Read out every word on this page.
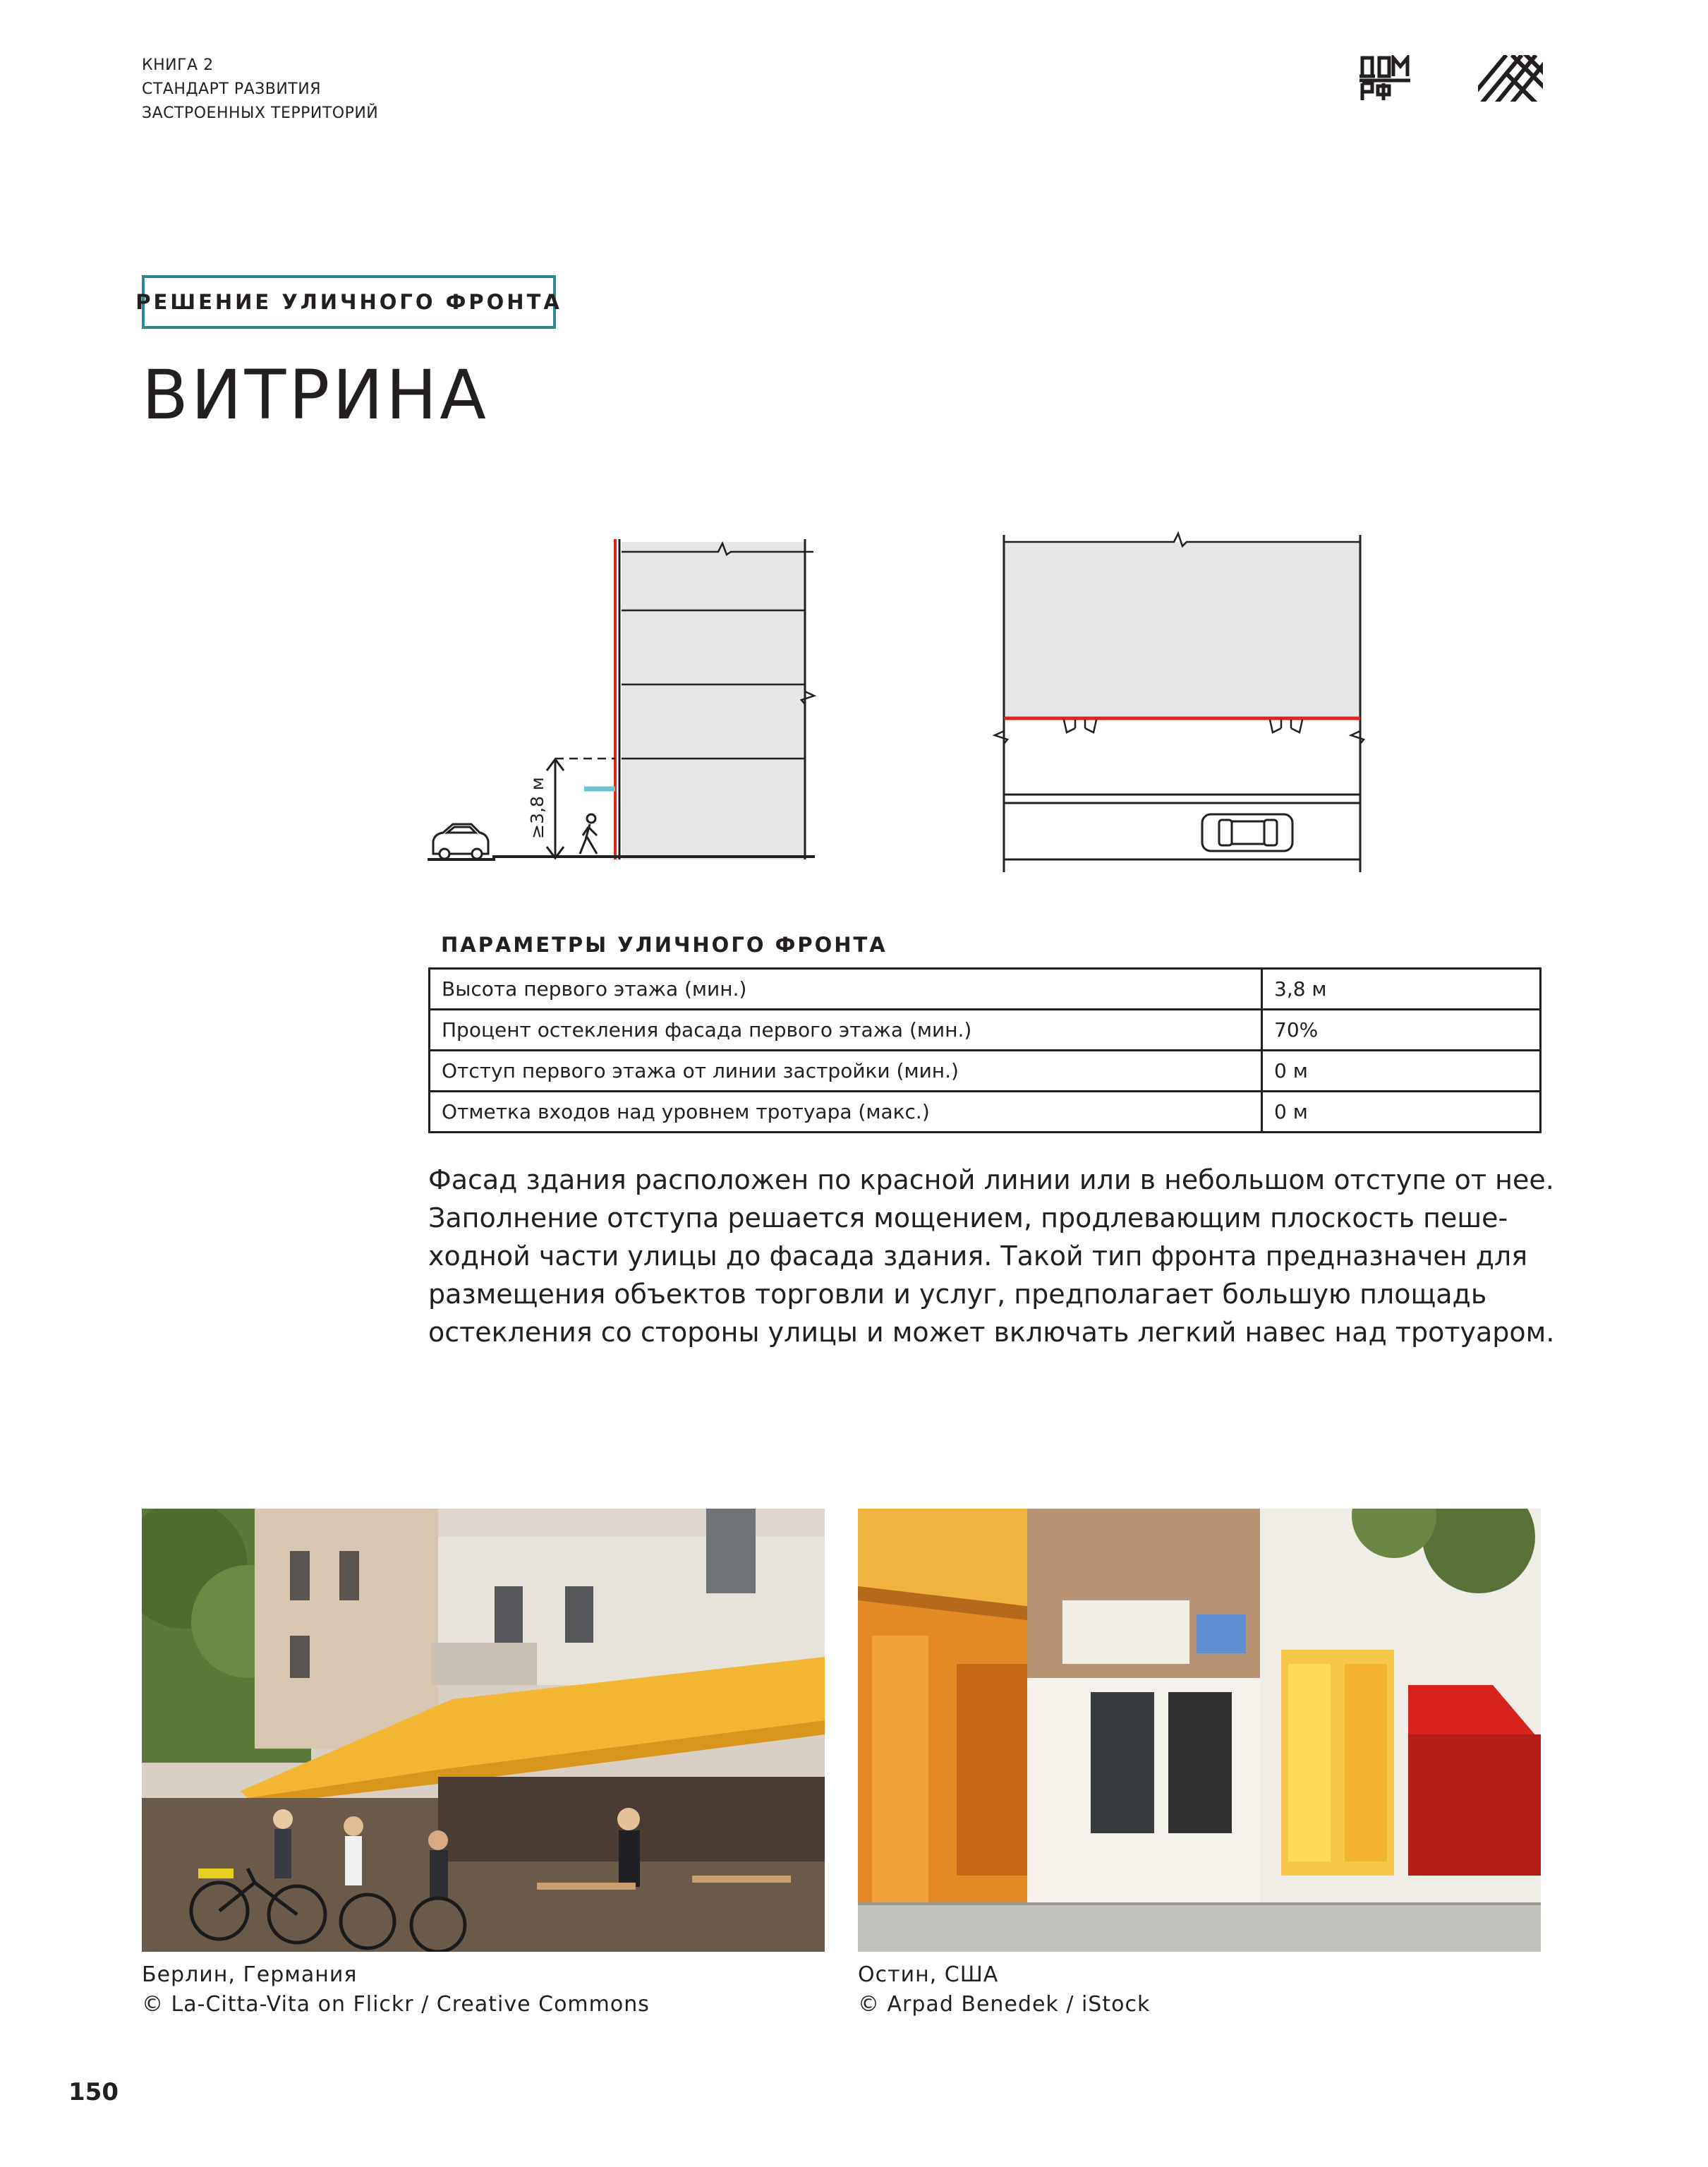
КНИГА 2
СТАНДАРТ РАЗВИТИЯ
ЗАСТРОЕННЫХ ТЕРРИТОРИЙ
РЕШЕНИЕ УЛИЧНОГО ФРОНТА
ВИТРИНА
≥3,8 м
ПАРАМЕТРЫ УЛИЧНОГО ФРОНТА
Высота первого этажа (мин.)	3,8 м
Процент остекления фасада первого этажа (мин.)	70%
Отступ первого этажа от линии застройки (мин.)	0 м
Отметка входов над уровнем тротуара (макс.)	0 м
Фасад здания расположен по красной линии или в небольшом отступе от нее.
Заполнение отступа решается мощением, продлевающим плоскость пеше-
ходной части улицы до фасада здания. Такой тип фронта предназначен для
размещения объектов торговли и услуг, предполагает большую площадь
остекления со стороны улицы и может включать легкий навес над тротуаром.
Берлин, Германия
© La-Citta-Vita on Flickr / Creative Commons
Остин, США
© Arpad Benedek / iStock
150
